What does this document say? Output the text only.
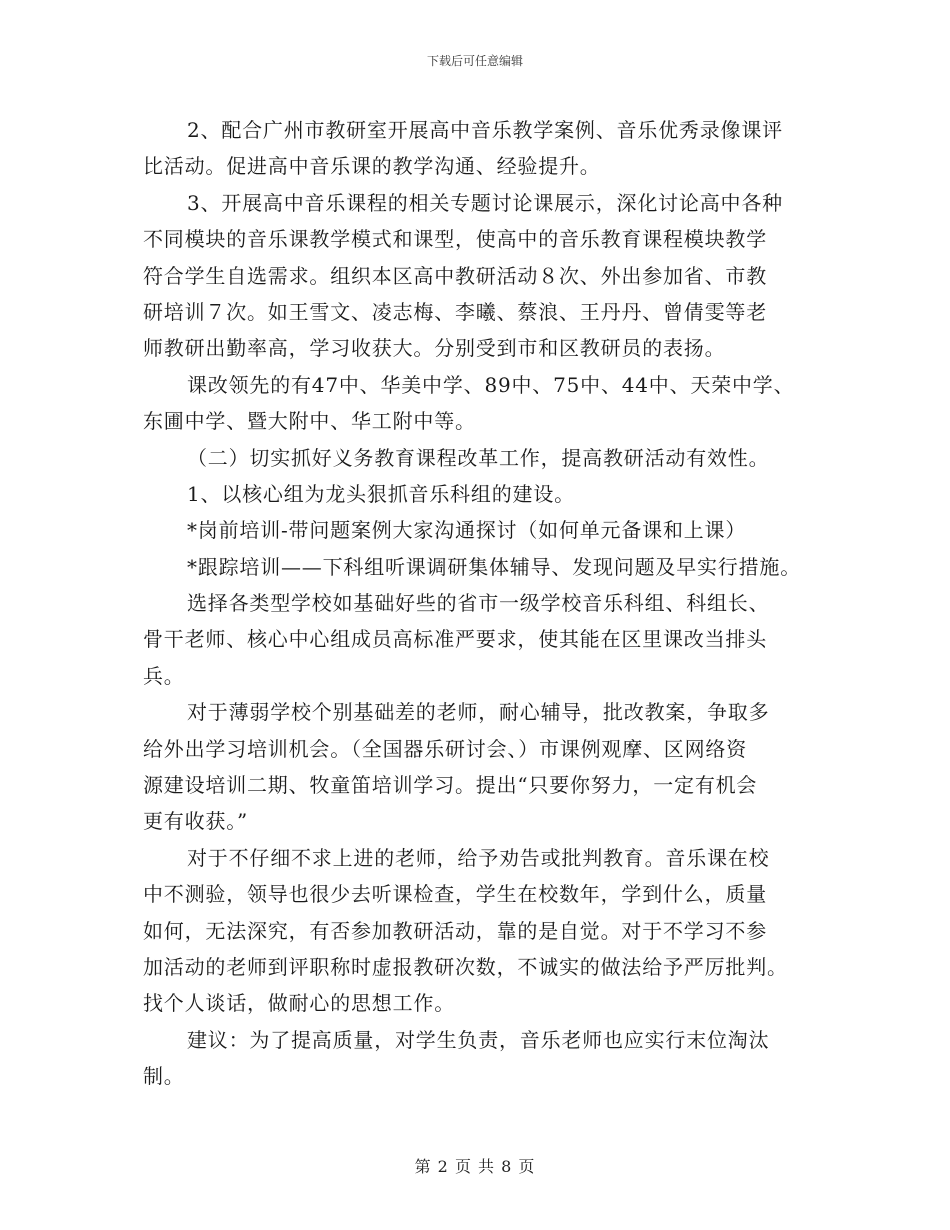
下载后可任意编辑
2、配合广州市教研室开展高中音乐教学案例、音乐优秀录像课评
比活动。促进高中音乐课的教学沟通、经验提升。
3、开展高中音乐课程的相关专题讨论课展示，深化讨论高中各种
不同模块的音乐课教学模式和课型，使高中的音乐教育课程模块教学
符合学生自选需求。组织本区高中教研活动８次、外出参加省、市教
研培训７次。如王雪文、凌志梅、李曦、蔡浪、王丹丹、曾倩雯等老
师教研出勤率高，学习收获大。分别受到市和区教研员的表扬。
课改领先的有47中、华美中学、89中、75中、44中、天荣中学、
东圃中学、暨大附中、华工附中等。
（二）切实抓好义务教育课程改革工作，提高教研活动有效性。
1、以核心组为龙头狠抓音乐科组的建设。
*岗前培训-带问题案例大家沟通探讨（如何单元备课和上课）
*跟踪培训——下科组听课调研集体辅导、发现问题及早实行措施。
选择各类型学校如基础好些的省市一级学校音乐科组、科组长、
骨干老师、核心中心组成员高标准严要求，使其能在区里课改当排头
兵。
对于薄弱学校个别基础差的老师，耐心辅导，批改教案，争取多
给外出学习培训机会。（全国器乐研讨会、）市课例观摩、区网络资
源建设培训二期、牧童笛培训学习。提出“只要你努力，一定有机会
更有收获。”
对于不仔细不求上进的老师，给予劝告或批判教育。音乐课在校
中不测验，领导也很少去听课检查，学生在校数年，学到什么，质量
如何，无法深究，有否参加教研活动，靠的是自觉。对于不学习不参
加活动的老师到评职称时虚报教研次数，不诚实的做法给予严厉批判。
找个人谈话，做耐心的思想工作。
建议：为了提高质量，对学生负责，音乐老师也应实行末位淘汰
制。
第 2 页 共 8 页
